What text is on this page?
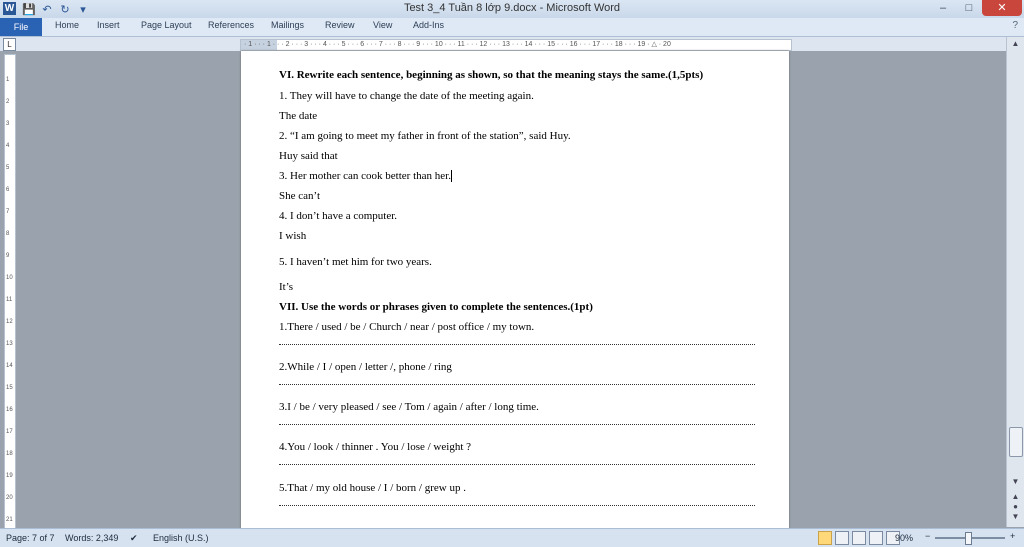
W 💾 ↶ ↻ ▾	Test 3_4 Tuần 8 lớp 9.docx - Microsoft Word	–	□	✕
File	Home Insert Page Layout References Mailings Review View Add-Ins	?
L	· 1 · · · 1 · · · 2 · · · 3 · · · 4 · · · 5 · · · 6 · · · 7 · · · 8 · · · 9 · · · 10 · · · 11 · · · 12 · · · 13 · · · 14 · · · 15 · · · 16 · · · 17 · · · 18 · · · 19 · △ · 20
1
2
3
4
5
6
7
8
9
10
11
12
13
14
15
16
17
18
19
20
21
VI. Rewrite each sentence, beginning as shown, so that the meaning stays the same.(1,5pts)
1. They will have to change the date of the meeting again.
The date
2. “I am going to meet my father in front of the station”, said Huy.
Huy said that
3. Her mother can cook better than her.
She can’t
4. I don’t have a computer.
I wish
5. I haven’t met him for two years.
It’s
VII. Use the words or phrases given to complete the sentences.(1pt)
1.There / used / be / Church / near / post office / my town.
2.While / I / open / letter /, phone / ring
3.I / be / very pleased / see / Tom / again / after / long time.
4.You / look / thinner . You / lose / weight ?
5.That / my old house / I / born / grew up .
▲
▼
▲
●
▼
Page: 7 of 7 Words: 2,349 ✔ English (U.S.)	90% −	+
